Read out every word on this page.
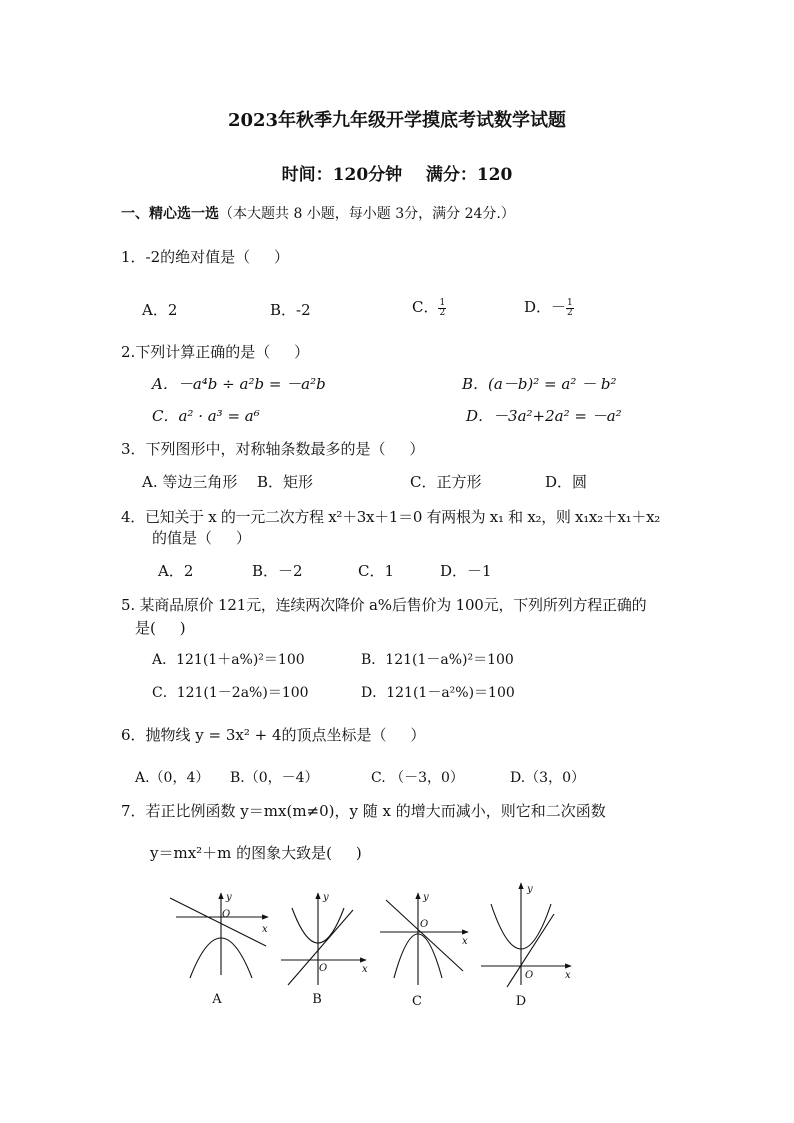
2023年秋季九年级开学摸底考试数学试题
时间：120分钟    满分：120
一、精心选一选（本大题共 8 小题，每小题 3分，满分 24分.）
1．-2的绝对值是（     ）
A．2	B．-2	C． $\frac{1}{2}$	D．－ $\frac{1}{2}$
2.下列计算正确的是（     ）
A．－a⁴b ÷ a²b = －a²b	B．(a－b)² = a² － b²
C．a² · a³ = a⁶	D．－3a²+2a² = －a²
3．下列图形中，对称轴条数最多的是（     ）
A. 等边三角形 B．矩形	C．正方形	D．圆
4．已知关于 x 的一元二次方程 x²＋3x＋1＝0 有两根为 x₁ 和 x₂，则 x₁x₂＋x₁＋x₂
的值是（     ）
A．2	B．－2	C．1	D．－1
5. 某商品原价 121元，连续两次降价 a%后售价为 100元，下列所列方程正确的
是(     )
A．121(1＋a%)²＝100	B．121(1－a%)²＝100
C．121(1－2a%)＝100	D．121(1－a²%)＝100
6．抛物线 y = 3x² + 4的顶点坐标是（     ）
A.（0，4） B.（0，－4）	C. （－3，0）	D.（3，0）
7．若正比例函数 y＝mx(m≠0)，y 随 x 的增大而减小，则它和二次函数
y＝mx²＋m 的图象大致是(     )
y
x
O
y
x
O
y
x
O
y
x
O
A	B	C	D
